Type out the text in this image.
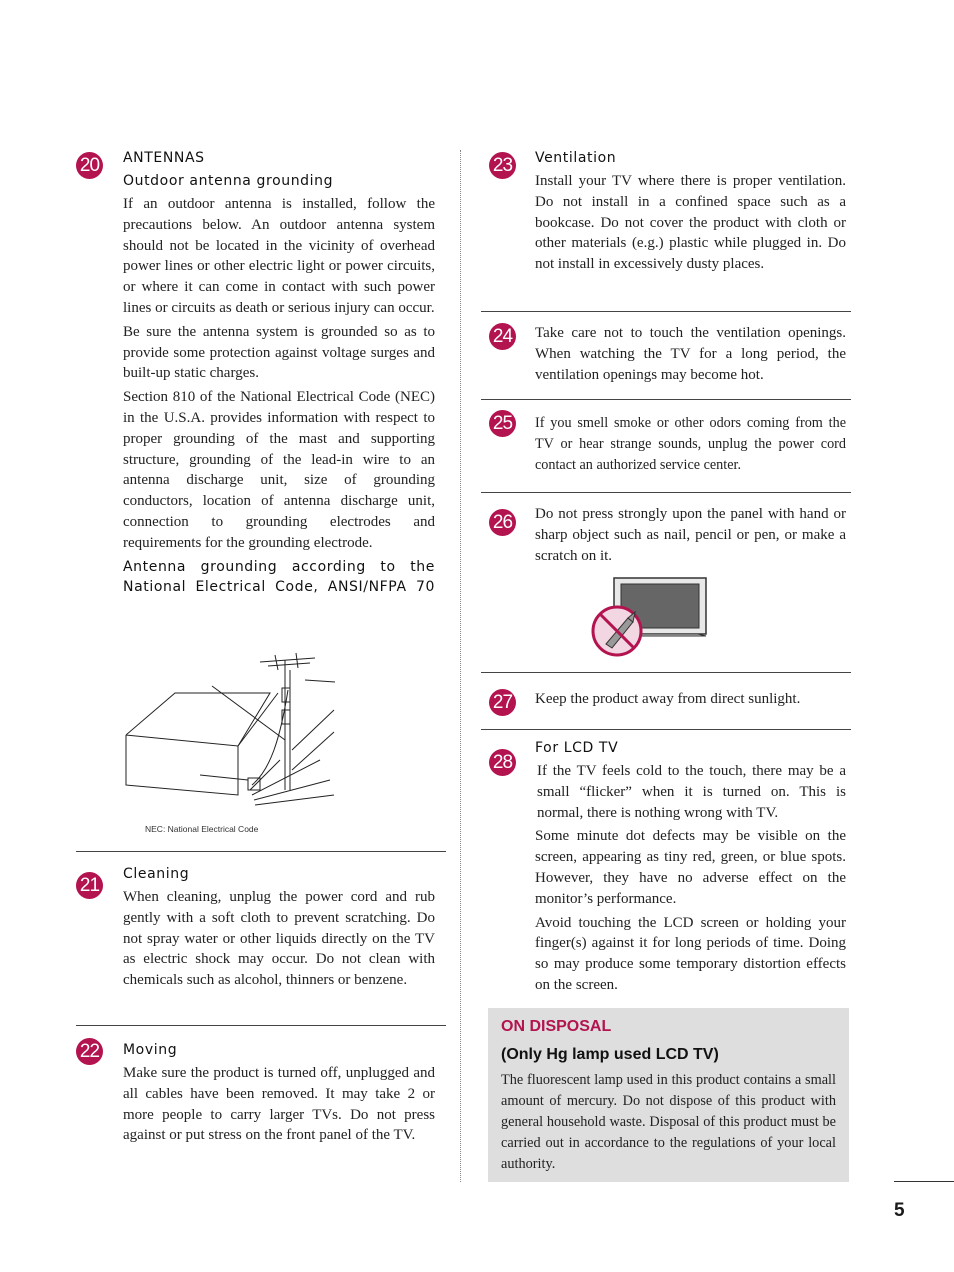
20 ANTENNAS

Outdoor antenna grounding

If an outdoor antenna is installed, follow the precautions below. An outdoor antenna system should not be located in the vicinity of overhead power lines or other electric light or power circuits, or where it can come in contact with such power lines or circuits as death or serious injury can occur.

Be sure the antenna system is grounded so as to provide some protection against voltage surges and built-up static charges.

Section 810 of the National Electrical Code (NEC) in the U.S.A. provides information with respect to proper grounding of the mast and supporting structure, grounding of the lead-in wire to an antenna discharge unit, size of grounding conductors, location of antenna discharge unit, connection to grounding electrodes and requirements for the grounding electrode.

Antenna grounding according to the National Electrical Code, ANSI/NFPA 70

NEC: National Electrical Code
21

Cleaning

When cleaning, unplug the power cord and rub gently with a soft cloth to prevent scratching. Do not spray water or other liquids directly on the TV as electric shock may occur. Do not clean with chemicals such as alcohol, thinners or benzene.

22 Moving

Make sure the product is turned off, unplugged and all cables have been removed. It may take 2 or more people to carry larger TVs. Do not press against or put stress on the front panel of the TV.

23 Ventilation

Install your TV where there is proper ventilation. Do not install in a confined space such as a bookcase. Do not cover the product with cloth or other materials (e.g.) plastic while plugged in. Do not install in excessively dusty places.

24 Take care not to touch the ventilation openings. When watching the TV for a long period, the ventilation openings may become hot.

25 If you smell smoke or other odors coming from the TV or hear strange sounds, unplug the power cord contact an authorized service center.

26 Do not press strongly upon the panel with hand or sharp object such as nail, pencil or pen, or make a scratch on it.

27 Keep the product away from direct sunlight.

28

For LCD TV

If the TV feels cold to the touch, there may be a small “flicker” when it is turned on. This is normal, there is nothing wrong with TV.

Some minute dot defects may be visible on the screen, appearing as tiny red, green, or blue spots. However, they have no adverse effect on the monitor’s performance.

Avoid touching the LCD screen or holding your finger(s) against it for long periods of time. Doing so may produce some temporary distortion effects on the screen.

ON DISPOSAL

(Only Hg lamp used LCD TV)

The fluorescent lamp used in this product contains a small amount of mercury. Do not dispose of this product with general household waste. Disposal of this product must be carried out in accordance to the regulations of your local authority.

5
